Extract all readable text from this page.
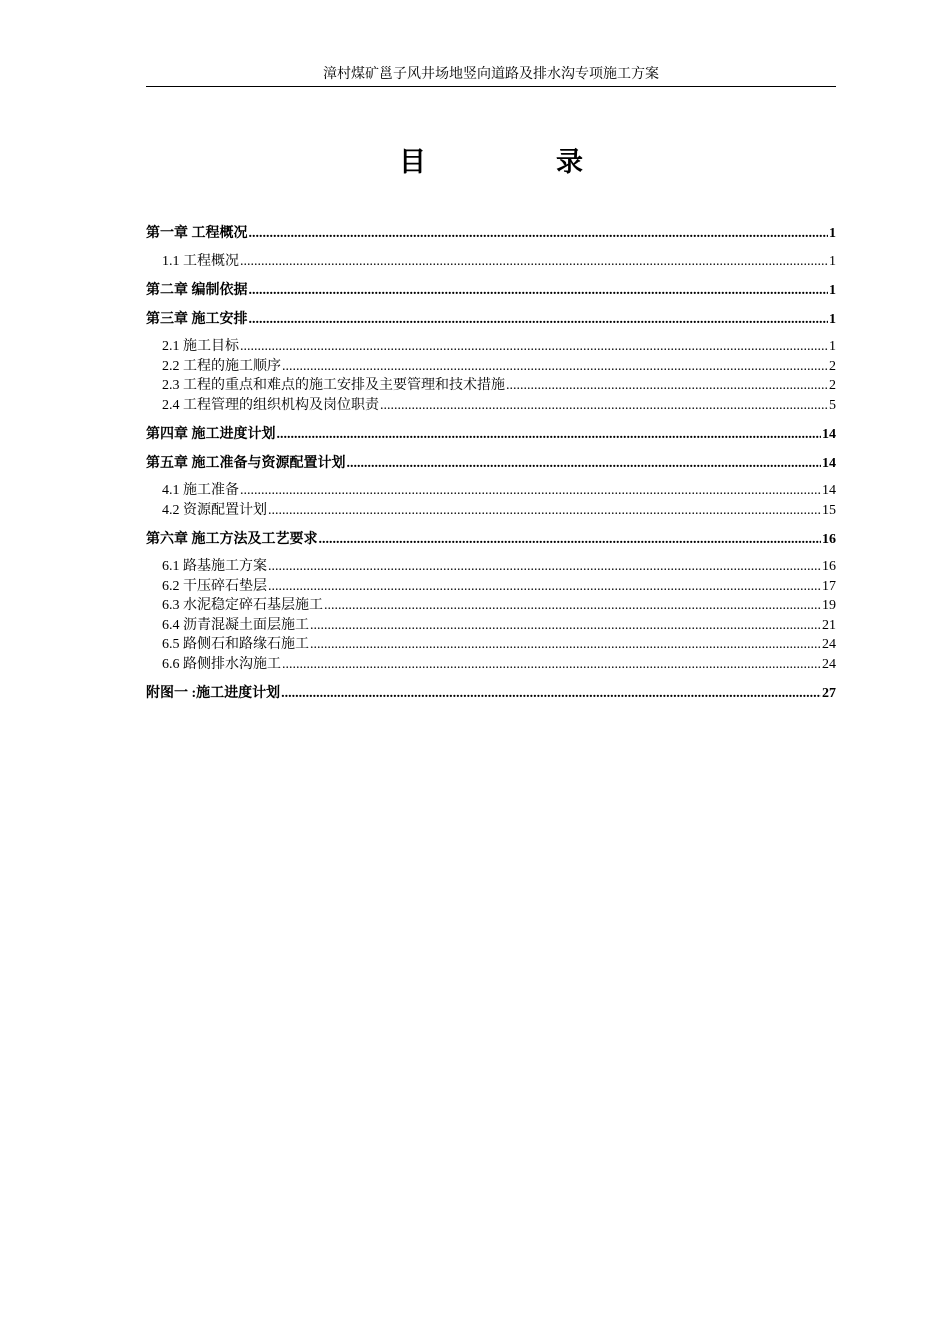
漳村煤矿邕子风井场地竖向道路及排水沟专项施工方案
目	录
第一章 工程概况 .....	1
1.1 工程概况 .....	1
第二章 编制依据 .....	1
第三章 施工安排 .....	1
2.1 施工目标 .....	1
2.2 工程的施工顺序 .....	2
2.3 工程的重点和难点的施工安排及主要管理和技术措施 .....	2
2.4 工程管理的组织机构及岗位职责 .....	5
第四章 施工进度计划 .....	14
第五章 施工准备与资源配置计划 .....	14
4.1 施工准备 .....	14
4.2 资源配置计划 .....	15
第六章 施工方法及工艺要求 .....	16
6.1 路基施工方案 .....	16
6.2 干压碎石垫层 .....	17
6.3 水泥稳定碎石基层施工 .....	19
6.4 沥青混凝土面层施工 .....	21
6.5 路侧石和路缘石施工 .....	24
6.6 路侧排水沟施工 .....	24
附图一 :施工进度计划 .....	27
